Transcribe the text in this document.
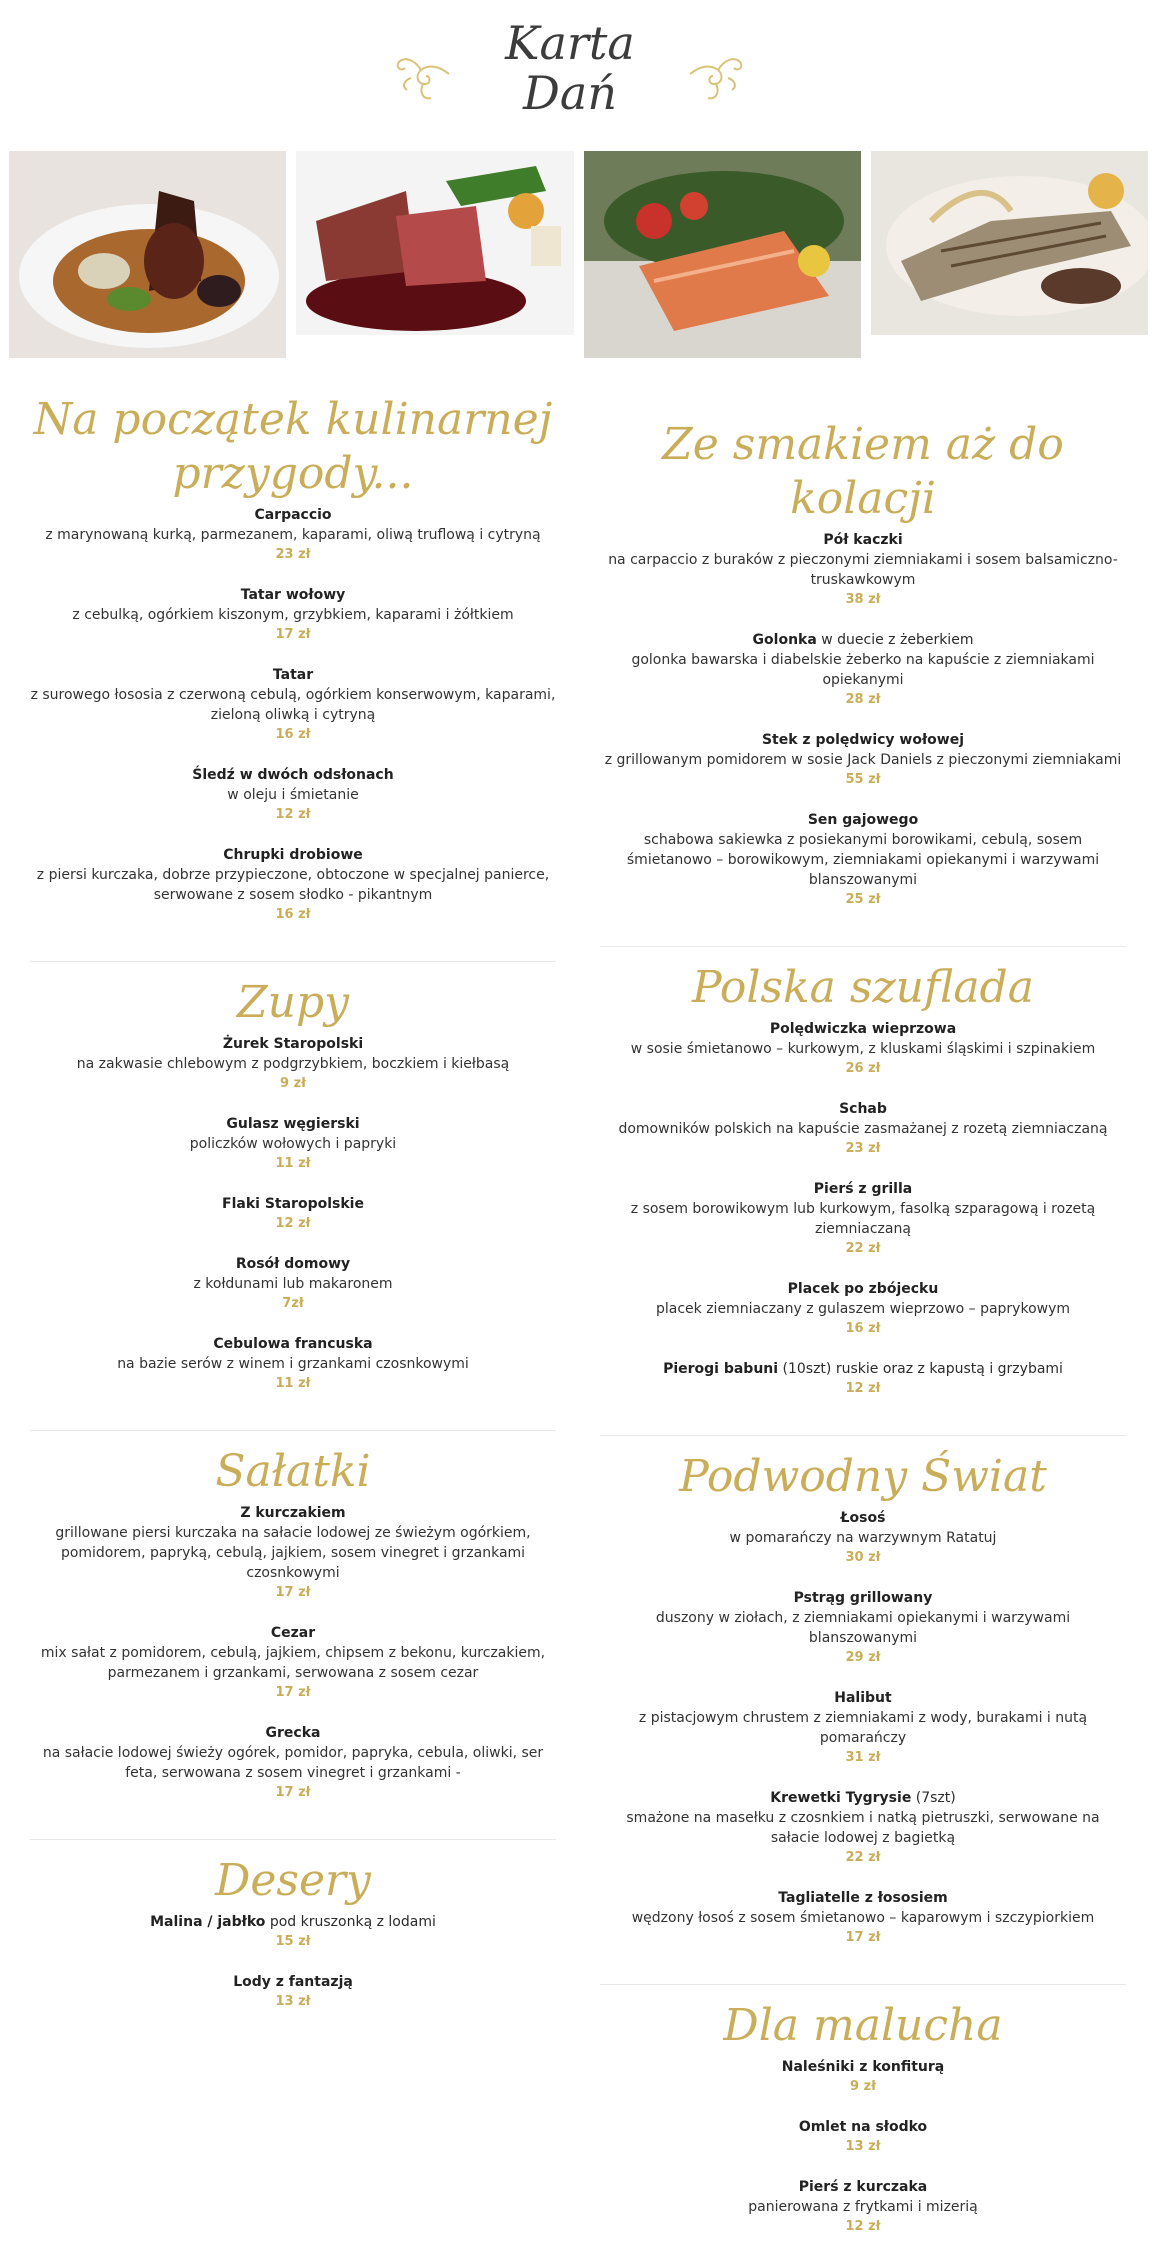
Karta
Dań
Na początek kulinarnej
przygody...
Carpaccio
z marynowaną kurką, parmezanem, kaparami, oliwą truflową i cytryną
23 zł
Tatar wołowy
z cebulką, ogórkiem kiszonym, grzybkiem, kaparami i żółtkiem
17 zł
Tatar
z surowego łososia z czerwoną cebulą, ogórkiem konserwowym, kaparami, zieloną oliwką i cytryną
16 zł
Śledź w dwóch odsłonach
w oleju i śmietanie
12 zł
Chrupki drobiowe
z piersi kurczaka, dobrze przypieczone, obtoczone w specjalnej panierce, serwowane z sosem słodko - pikantnym
16 zł
Zupy
Żurek Staropolski
na zakwasie chlebowym z podgrzybkiem, boczkiem i kiełbasą
9 zł
Gulasz węgierski
policzków wołowych i papryki
11 zł
Flaki Staropolskie
12 zł
Rosół domowy
z kołdunami lub makaronem
7zł
Cebulowa francuska
na bazie serów z winem i grzankami czosnkowymi
11 zł
Sałatki
Z kurczakiem
grillowane piersi kurczaka na sałacie lodowej ze świeżym ogórkiem, pomidorem, papryką, cebulą, jajkiem, sosem vinegret i grzankami czosnkowymi
17 zł
Cezar
mix sałat z pomidorem, cebulą, jajkiem, chipsem z bekonu, kurczakiem, parmezanem i grzankami, serwowana z sosem cezar
17 zł
Grecka
na sałacie lodowej świeży ogórek, pomidor, papryka, cebula, oliwki, ser feta, serwowana z sosem vinegret i grzankami -
17 zł
Desery
Malina / jabłko pod kruszonką z lodami
15 zł
Lody z fantazją
13 zł
Ze smakiem aż do kolacji
Pół kaczki
na carpaccio z buraków z pieczonymi ziemniakami i sosem balsamiczno-truskawkowym
38 zł
Golonka w duecie z żeberkiem
golonka bawarska i diabelskie żeberko na kapuście z ziemniakami opiekanymi
28 zł
Stek z polędwicy wołowej
z grillowanym pomidorem w sosie Jack Daniels z pieczonymi ziemniakami
55 zł
Sen gajowego
schabowa sakiewka z posiekanymi borowikami, cebulą, sosem śmietanowo – borowikowym, ziemniakami opiekanymi i warzywami blanszowanymi
25 zł
Polska szuflada
Polędwiczka wieprzowa
w sosie śmietanowo – kurkowym, z kluskami śląskimi i szpinakiem
26 zł
Schab
domowników polskich na kapuście zasmażanej z rozetą ziemniaczaną
23 zł
Pierś z grilla
z sosem borowikowym lub kurkowym, fasolką szparagową i rozetą ziemniaczaną
22 zł
Placek po zbójecku
placek ziemniaczany z gulaszem wieprzowo – paprykowym
16 zł
Pierogi babuni (10szt) ruskie oraz z kapustą i grzybami
12 zł
Podwodny Świat
Łosoś
w pomarańczy na warzywnym Ratatuj
30 zł
Pstrąg grillowany
duszony w ziołach, z ziemniakami opiekanymi i warzywami blanszowanymi
29 zł
Halibut
z pistacjowym chrustem z ziemniakami z wody, burakami i nutą pomarańczy
31 zł
Krewetki Tygrysie (7szt)
smażone na masełku z czosnkiem i natką pietruszki, serwowane na sałacie lodowej z bagietką
22 zł
Tagliatelle z łososiem
wędzony łosoś z sosem śmietanowo – kaparowym i szczypiorkiem
17 zł
Dla malucha
Naleśniki z konfiturą
9 zł
Omlet na słodko
13 zł
Pierś z kurczaka
panierowana z frytkami i mizerią
12 zł
